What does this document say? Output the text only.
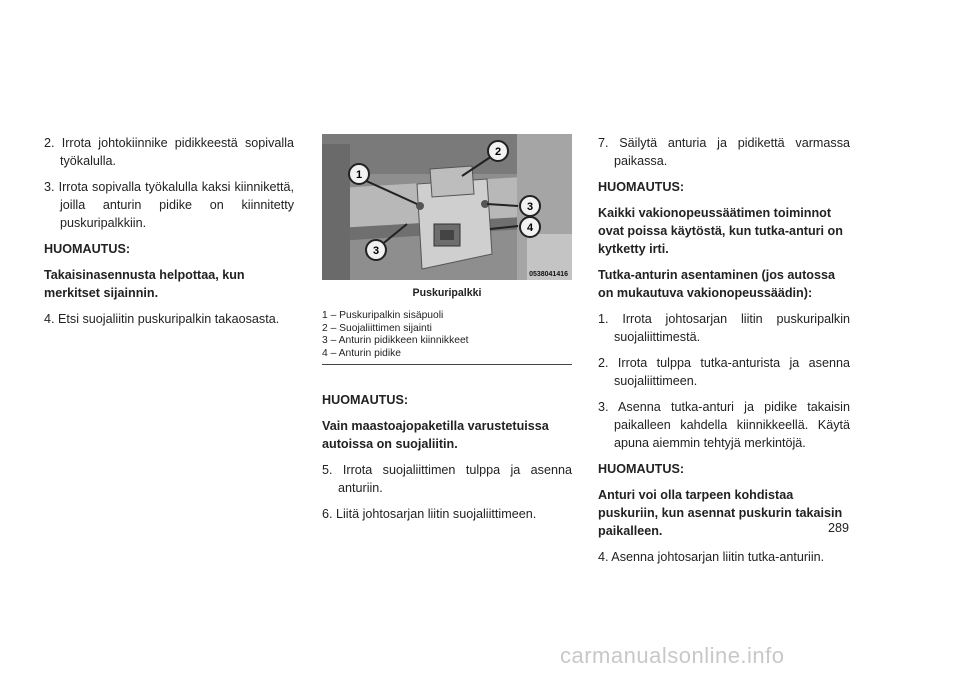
2. Irrota johtokiinnike pidikkeestä sopivalla työkalulla.

3. Irrota sopivalla työkalulla kaksi kiinnikettä, joilla anturin pidike on kiinnitetty puskuripalkkiin.

HUOMAUTUS:

Takaisinasennusta helpottaa, kun merkitset sijainnin.

4. Etsi suojaliitin puskuripalkin takaosasta.

1
2
3
4
3
0538041416
Puskuripalkki
1 – Puskuripalkin sisäpuoli
2 – Suojaliittimen sijainti
3 – Anturin pidikkeen kiinnikkeet
4 – Anturin pidike

HUOMAUTUS:

Vain maastoajopaketilla varustetuissa autoissa on suojaliitin.

5. Irrota suojaliittimen tulppa ja asenna anturiin.

6. Liitä johtosarjan liitin suojaliittimeen.

7. Säilytä anturia ja pidikettä varmassa paikassa.

HUOMAUTUS:

Kaikki vakionopeussäätimen toiminnot ovat poissa käytöstä, kun tutka-anturi on kytketty irti.

Tutka-anturin asentaminen (jos autossa on mukautuva vakionopeussäädin):

1. Irrota johtosarjan liitin puskuripalkin suojaliittimestä.

2. Irrota tulppa tutka-anturista ja asenna suojaliittimeen.

3. Asenna tutka-anturi ja pidike takaisin paikalleen kahdella kiinnikkeellä. Käytä apuna aiemmin tehtyjä merkintöjä.

HUOMAUTUS:

Anturi voi olla tarpeen kohdistaa puskuriin, kun asennat puskurin takaisin paikalleen.

4. Asenna johtosarjan liitin tutka-anturiin.

289
carmanualsonline.info
